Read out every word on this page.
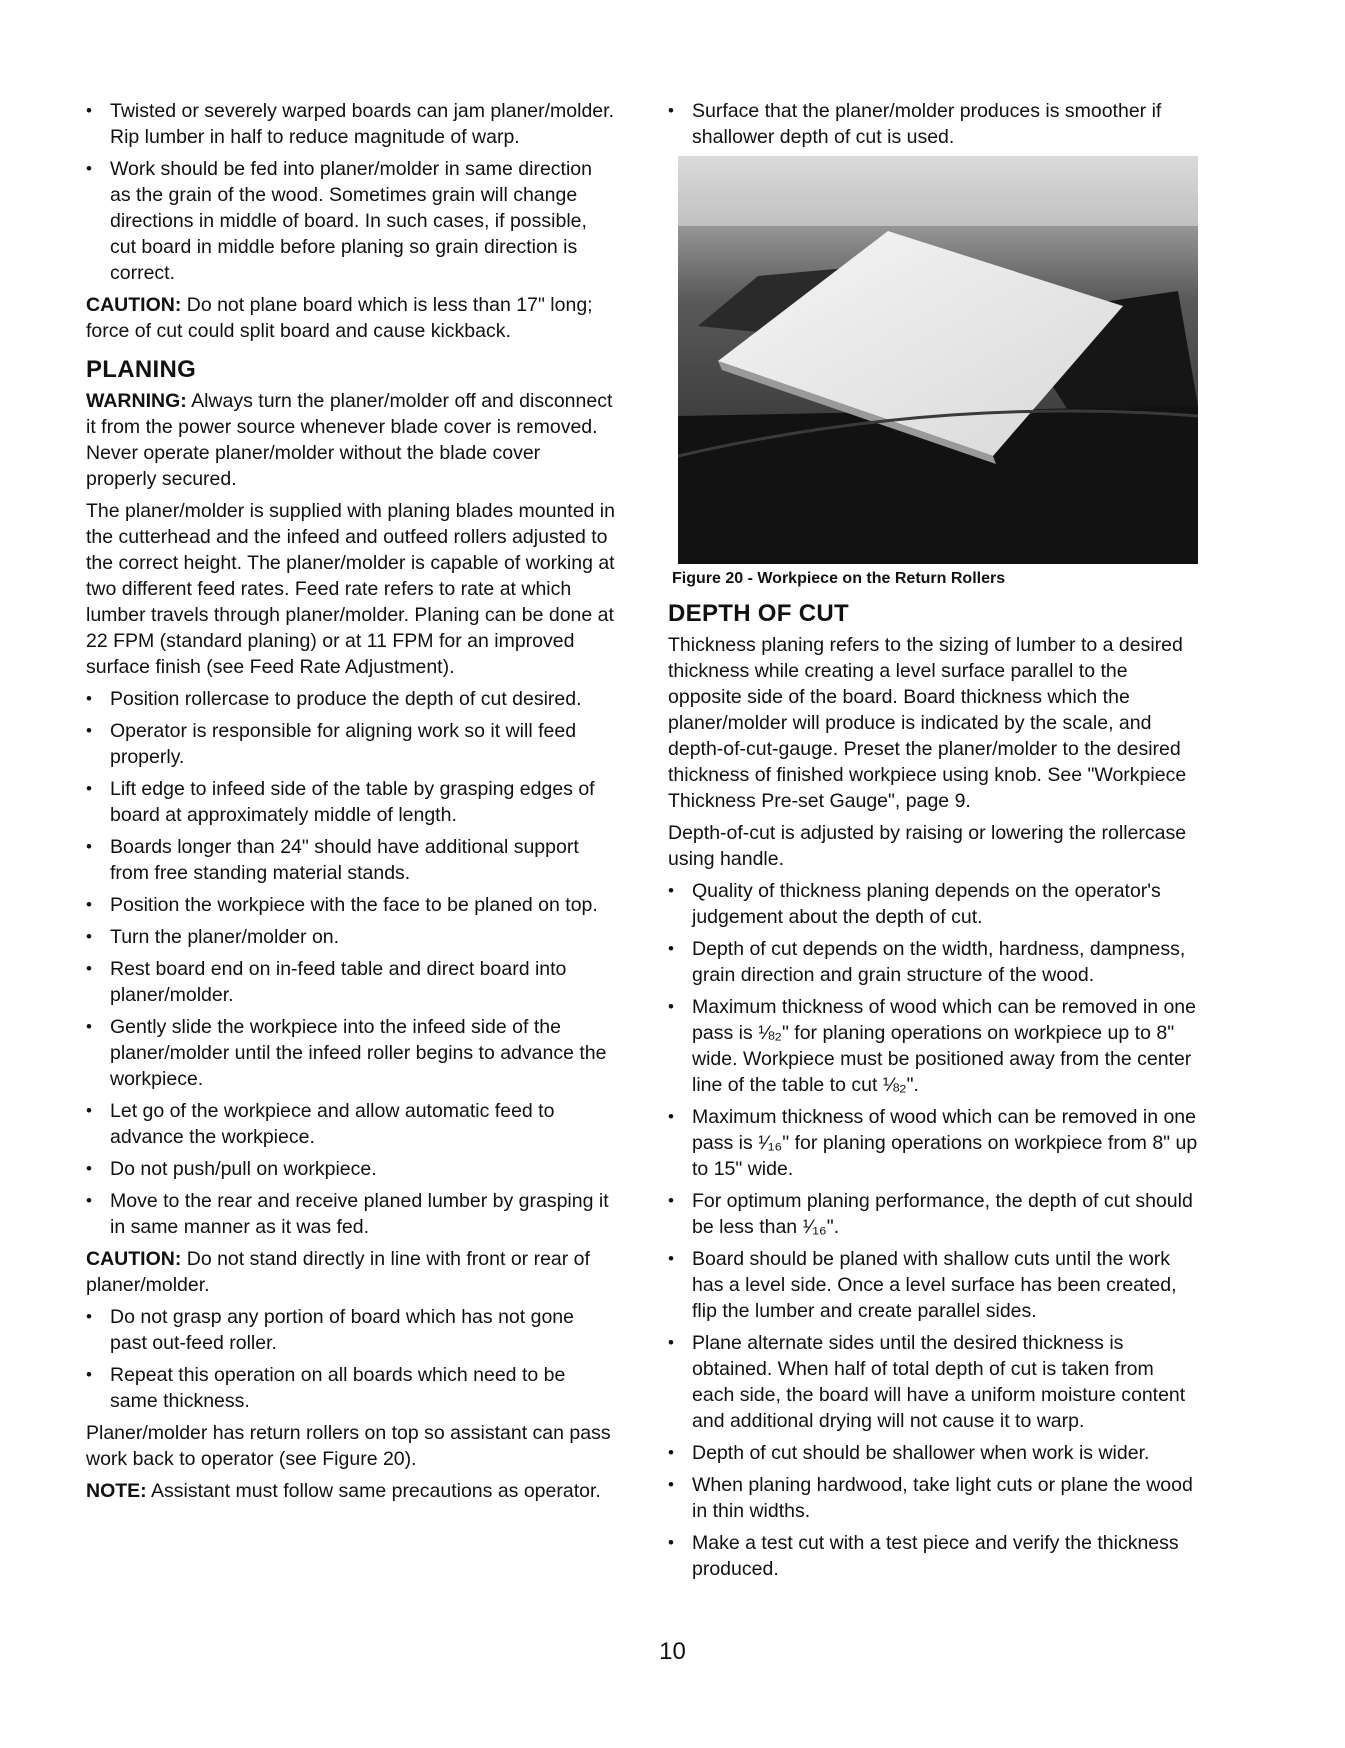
• Twisted or severely warped boards can jam planer/molder. Rip lumber in half to reduce magnitude of warp.
• Work should be fed into planer/molder in same direction as the grain of the wood. Sometimes grain will change directions in middle of board. In such cases, if possible, cut board in middle before planing so grain direction is correct.

CAUTION: Do not plane board which is less than 17" long; force of cut could split board and cause kickback.

PLANING

WARNING: Always turn the planer/molder off and disconnect it from the power source whenever blade cover is removed. Never operate planer/molder without the blade cover properly secured.

The planer/molder is supplied with planing blades mounted in the cutterhead and the infeed and outfeed rollers adjusted to the correct height. The planer/molder is capable of working at two different feed rates. Feed rate refers to rate at which lumber travels through planer/molder. Planing can be done at 22 FPM (standard planing) or at 11 FPM for an improved surface finish (see Feed Rate Adjustment).

• Position rollercase to produce the depth of cut desired.
• Operator is responsible for aligning work so it will feed properly.
• Lift edge to infeed side of the table by grasping edges of board at approximately middle of length.
• Boards longer than 24" should have additional support from free standing material stands.
• Position the workpiece with the face to be planed on top.
• Turn the planer/molder on.
• Rest board end on in-feed table and direct board into planer/molder.
• Gently slide the workpiece into the infeed side of the planer/molder until the infeed roller begins to advance the workpiece.
• Let go of the workpiece and allow automatic feed to advance the workpiece.
• Do not push/pull on workpiece.
• Move to the rear and receive planed lumber by grasping it in same manner as it was fed.

CAUTION: Do not stand directly in line with front or rear of planer/molder.

• Do not grasp any portion of board which has not gone past out-feed roller.
• Repeat this operation on all boards which need to be same thickness.

Planer/molder has return rollers on top so assistant can pass work back to operator (see Figure 20).

NOTE: Assistant must follow same precautions as operator.

• Surface that the planer/molder produces is smoother if shallower depth of cut is used.
Figure 20 - Workpiece on the Return Rollers
DEPTH OF CUT

Thickness planing refers to the sizing of lumber to a desired thickness while creating a level surface parallel to the opposite side of the board. Board thickness which the planer/molder will produce is indicated by the scale, and depth-of-cut-gauge. Preset the planer/molder to the desired thickness of finished workpiece using knob. See "Workpiece Thickness Pre-set Gauge", page 9.

Depth-of-cut is adjusted by raising or lowering the rollercase using handle.

• Quality of thickness planing depends on the operator's judgement about the depth of cut.
• Depth of cut depends on the width, hardness, dampness, grain direction and grain structure of the wood.
• Maximum thickness of wood which can be removed in one pass is ⅛₂" for planing operations on workpiece up to 8" wide. Workpiece must be positioned away from the center line of the table to cut ⅛₂".
• Maximum thickness of wood which can be removed in one pass is ¹⁄₁₆" for planing operations on workpiece from 8" up to 15" wide.
• For optimum planing performance, the depth of cut should be less than ¹⁄₁₆".
• Board should be planed with shallow cuts until the work has a level side. Once a level surface has been created, flip the lumber and create parallel sides.
• Plane alternate sides until the desired thickness is obtained. When half of total depth of cut is taken from each side, the board will have a uniform moisture content and additional drying will not cause it to warp.
• Depth of cut should be shallower when work is wider.
• When planing hardwood, take light cuts or plane the wood in thin widths.
• Make a test cut with a test piece and verify the thickness produced.
10
